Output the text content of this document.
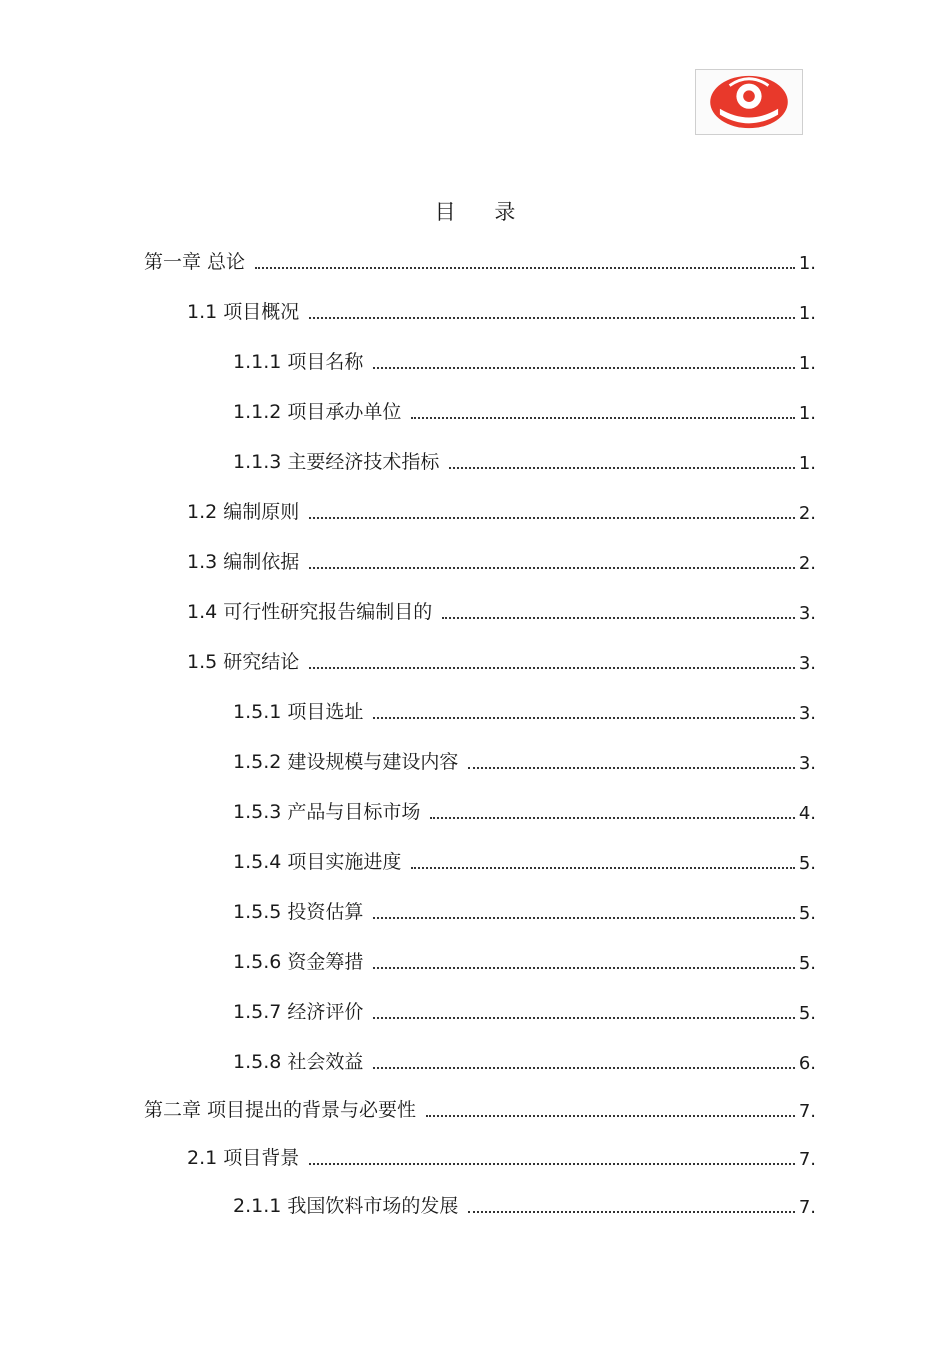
目 录
第一章 总论	1.
1.1 项目概况	1.
1.1.1 项目名称	1.
1.1.2 项目承办单位	1.
1.1.3 主要经济技术指标	1.
1.2 编制原则	2.
1.3 编制依据	2.
1.4 可行性研究报告编制目的	3.
1.5 研究结论	3.
1.5.1 项目选址	3.
1.5.2 建设规模与建设内容	3.
1.5.3 产品与目标市场	4.
1.5.4 项目实施进度	5.
1.5.5 投资估算	5.
1.5.6 资金筹措	5.
1.5.7 经济评价	5.
1.5.8 社会效益	6.
第二章 项目提出的背景与必要性	7.
2.1 项目背景	7.
2.1.1 我国饮料市场的发展	7.
